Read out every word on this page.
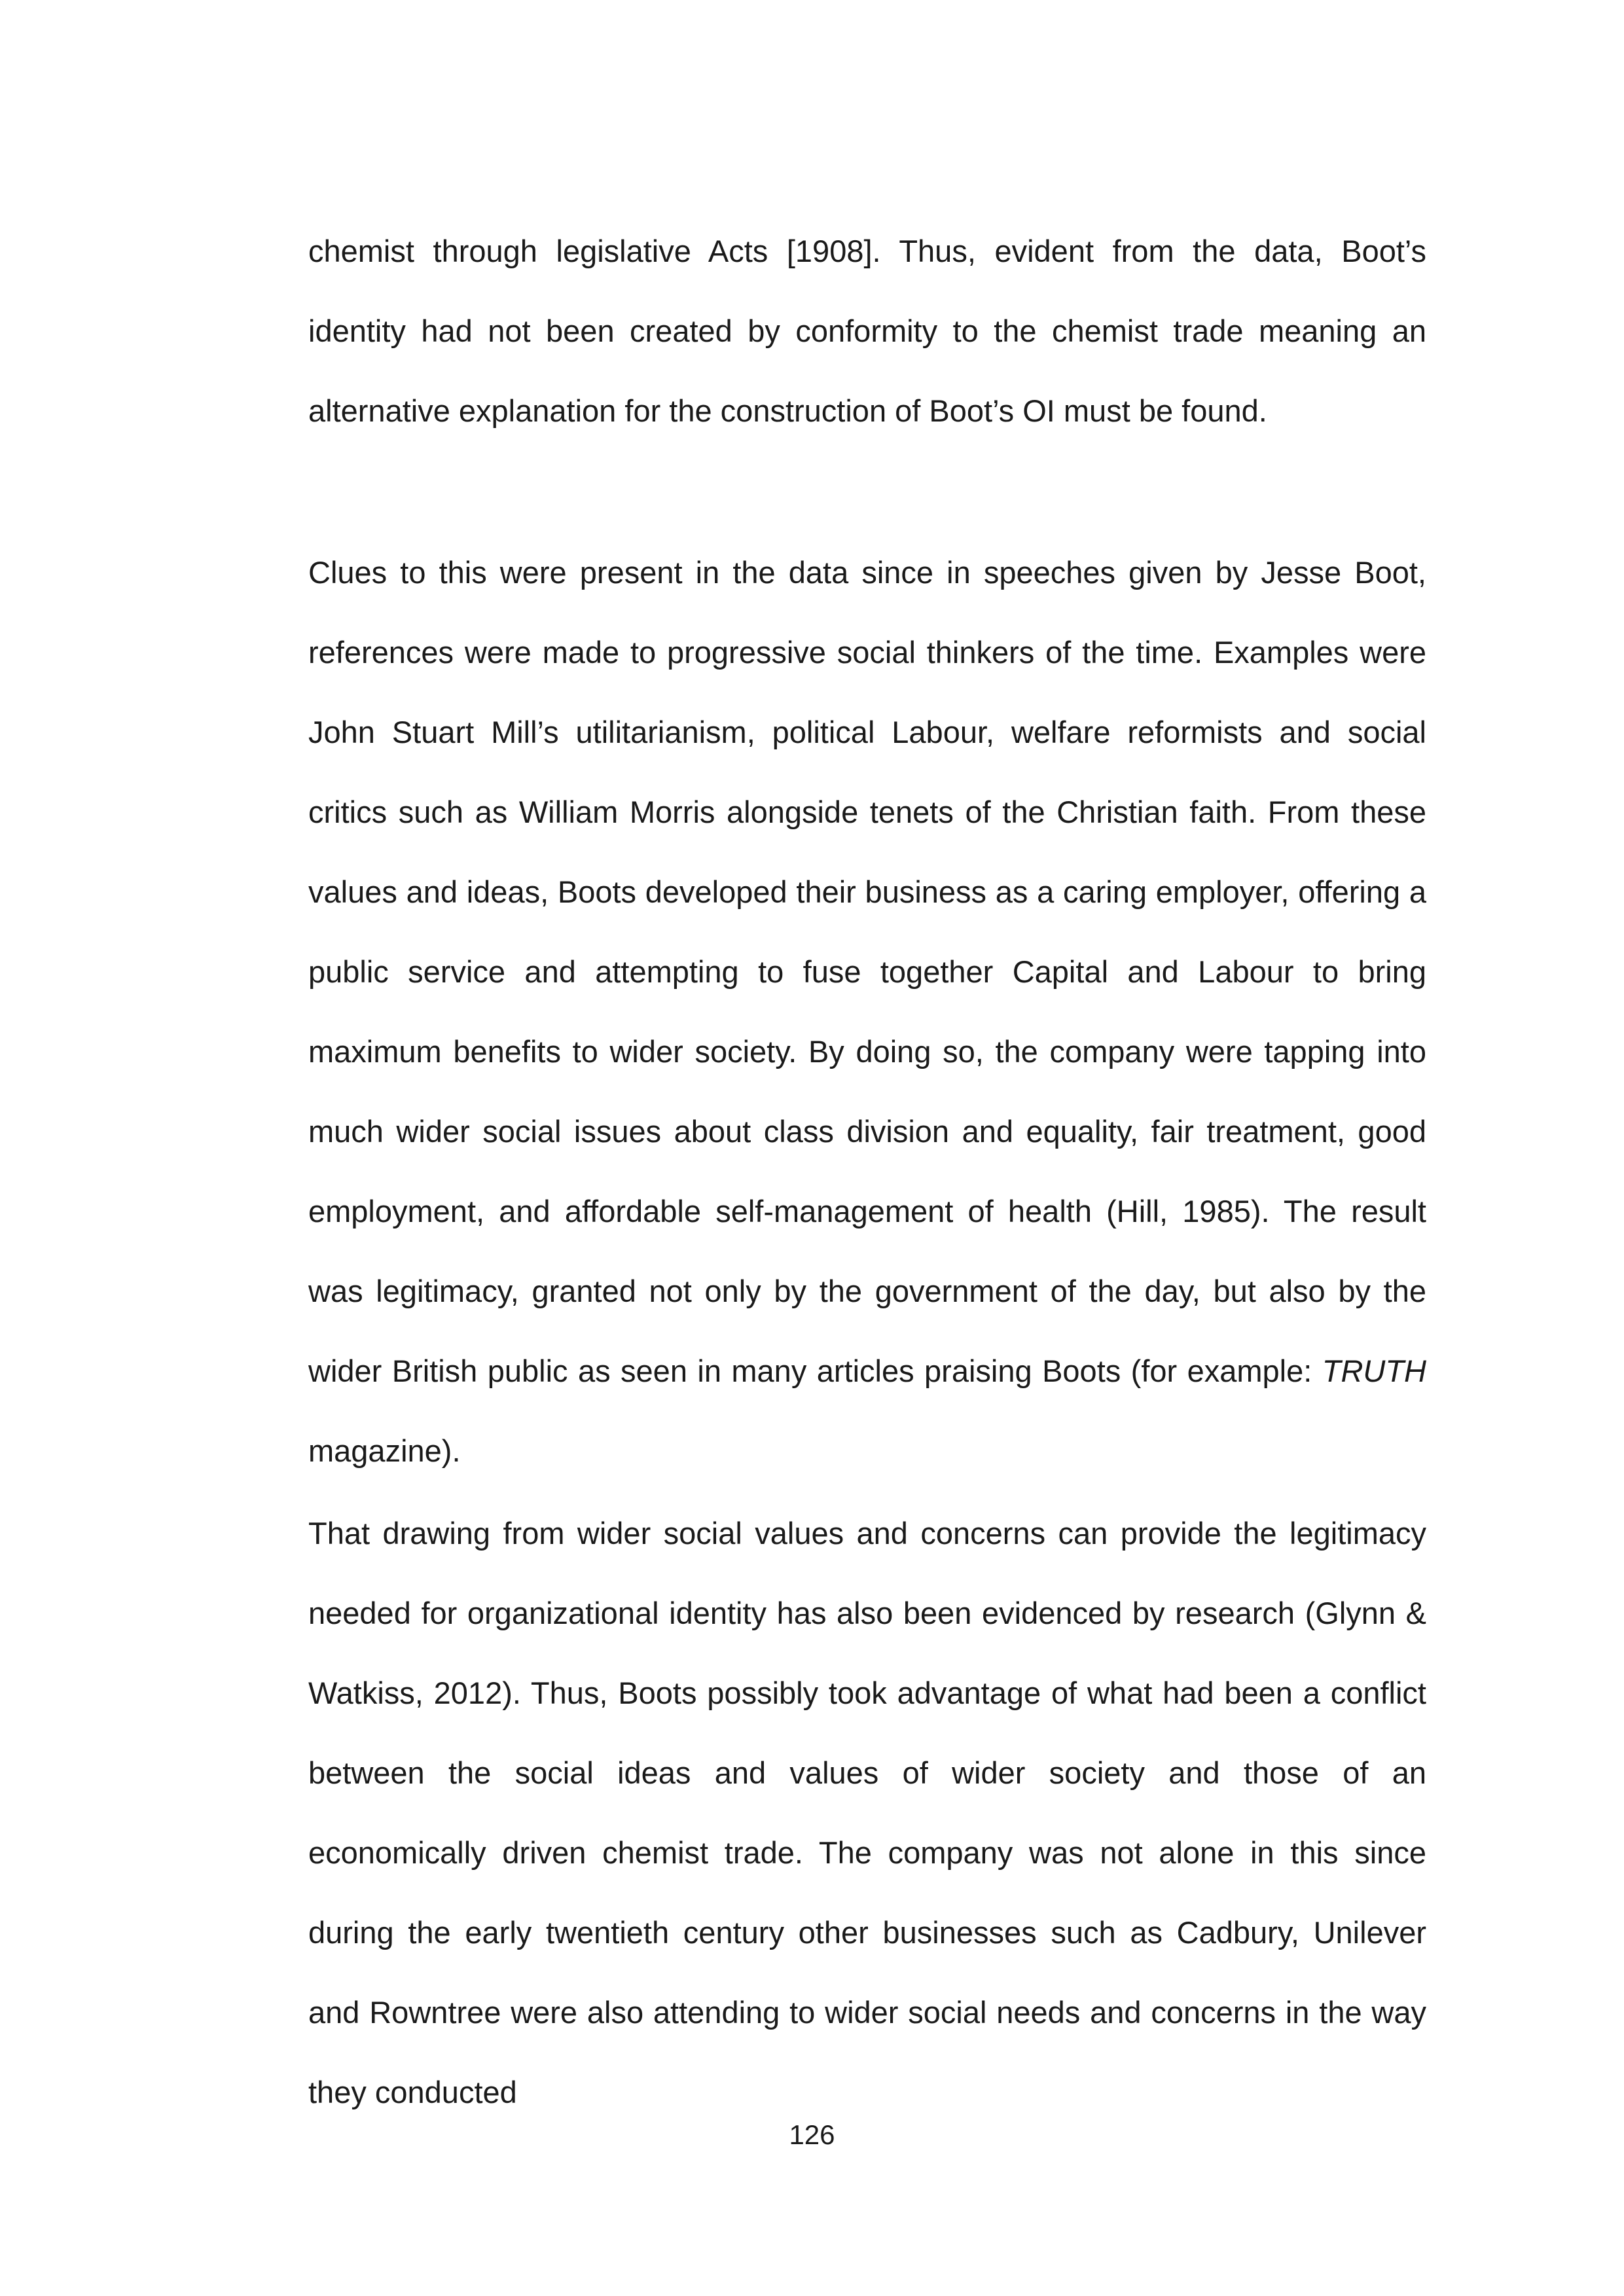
chemist through legislative Acts [1908]. Thus, evident from the data, Boot’s identity had not been created by conformity to the chemist trade meaning an alternative explanation for the construction of Boot’s OI must be found.

Clues to this were present in the data since in speeches given by Jesse Boot, references were made to progressive social thinkers of the time. Examples were John Stuart Mill’s utilitarianism, political Labour, welfare reformists and social critics such as William Morris alongside tenets of the Christian faith. From these values and ideas, Boots developed their business as a caring employer, offering a public service and attempting to fuse together Capital and Labour to bring maximum benefits to wider society. By doing so, the company were tapping into much wider social issues about class division and equality, fair treatment, good employment, and affordable self-management of health (Hill, 1985). The result was legitimacy, granted not only by the government of the day, but also by the wider British public as seen in many articles praising Boots (for example: TRUTH magazine).

That drawing from wider social values and concerns can provide the legitimacy needed for organizational identity has also been evidenced by research (Glynn & Watkiss, 2012). Thus, Boots possibly took advantage of what had been a conflict between the social ideas and values of wider society and those of an economically driven chemist trade. The company was not alone in this since during the early twentieth century other businesses such as Cadbury, Unilever and Rowntree were also attending to wider social needs and concerns in the way they conducted

126
